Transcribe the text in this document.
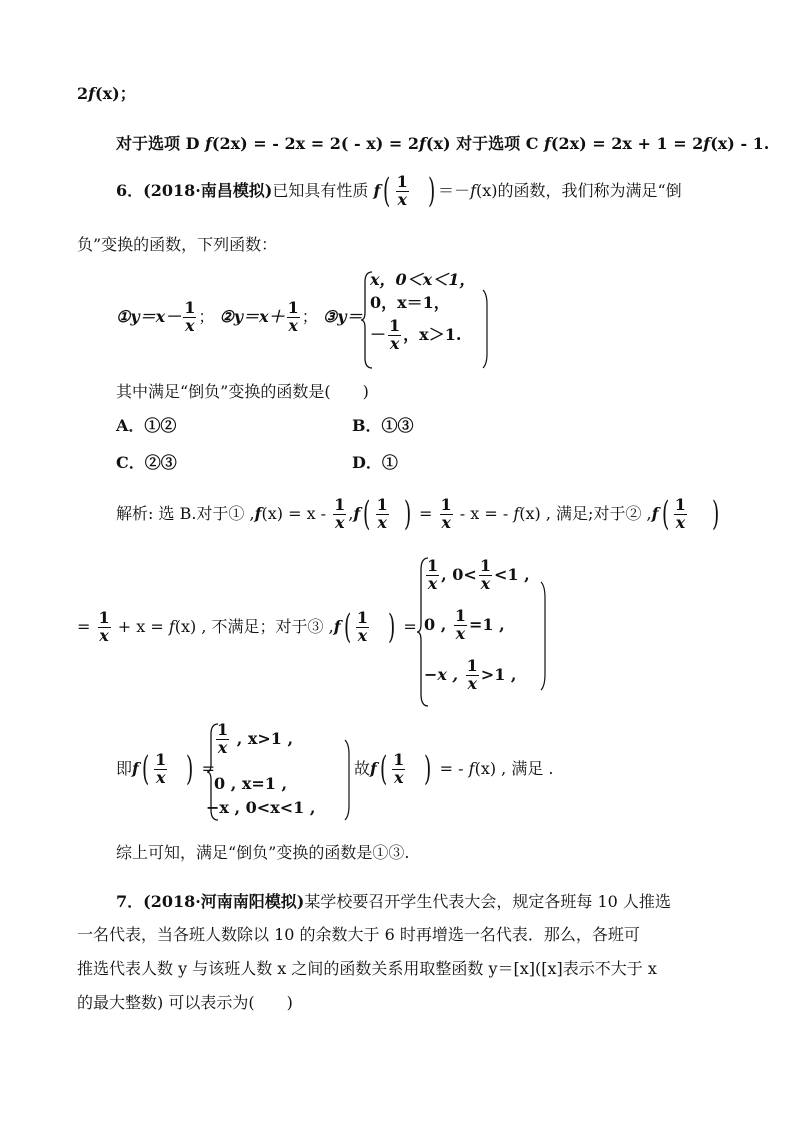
2f(x)；
对于选项 D f(2x) = - 2x = 2( - x) = 2f(x) 对于选项 C f(2x) = 2x + 1 = 2f(x) - 1.
6．(2018·南昌模拟)已知具有性质 $f( \frac{1}{x}$ ) ＝－f(x)的函数，我们称为满足“倒
负”变换的函数，下列函数：
①y＝x－ $\frac{1}{x}$ ； ②y＝x＋ $\frac{1}{x}$ ； ③y＝
x，0＜x＜1，
0，x＝1，
－ $\frac{1}{x}$ ，x＞1.
其中满足“倒负”变换的函数是(　　)
A．①②	B．①③
C．②③	D．①
解析: 选 B.对于① $,f(x) = x - \frac{1}{x} ,f( \frac{1}{x}$ ) = $\frac{1}{x}$ - x = - f(x) , 满足;对于② $,f( \frac{1}{x}$ )
= $\frac{1}{x} + x = f(x)$ , 不满足；对于③ $,f( \frac{1}{x}$ ) =
$\frac{1}{x}$ , $0< \frac{1}{x} <1$ ,
0 , $\frac{1}{x} =1$ ,
−x , $\frac{1}{x} >1$ ,
即$f( \frac{1}{x}$ ) =
$\frac{1}{x}$ , x>1 ,
0 , x=1 ,
−x , 0<x<1 ,
故$f( \frac{1}{x}$ ) = - f(x) , 满足 .
综上可知，满足“倒负”变换的函数是①③.
7．(2018·河南南阳模拟)某学校要召开学生代表大会，规定各班每 10 人推选
一名代表，当各班人数除以 10 的余数大于 6 时再增选一名代表．那么，各班可
推选代表人数 y 与该班人数 x 之间的函数关系用取整函数 y＝[x]([x]表示不大于 x
的最大整数) 可以表示为(　　)
